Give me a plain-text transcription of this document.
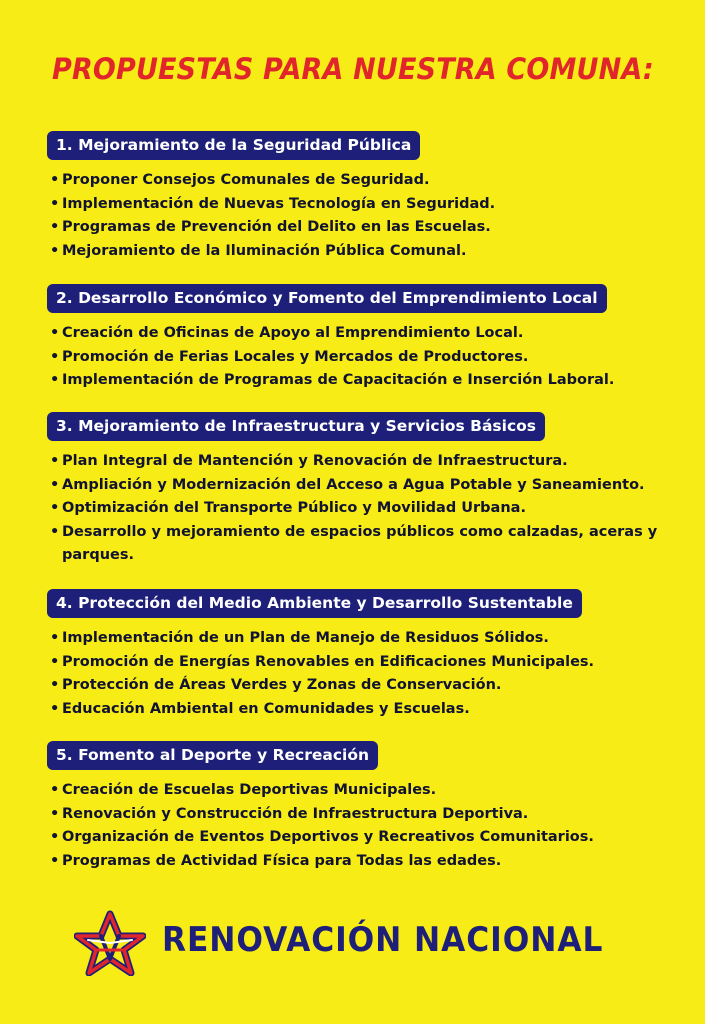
PROPUESTAS PARA NUESTRA COMUNA:
1. Mejoramiento de la Seguridad Pública
• Proponer Consejos Comunales de Seguridad.
• Implementación de Nuevas Tecnología en Seguridad.
• Programas de Prevención del Delito en las Escuelas.
• Mejoramiento de la Iluminación Pública Comunal.
2. Desarrollo Económico y Fomento del Emprendimiento Local
• Creación de Oficinas de Apoyo al Emprendimiento Local.
• Promoción de Ferias Locales y Mercados de Productores.
• Implementación de Programas de Capacitación e Inserción Laboral.
3. Mejoramiento de Infraestructura y Servicios Básicos
• Plan Integral de Mantención y Renovación de Infraestructura.
• Ampliación y Modernización del Acceso a Agua Potable y Saneamiento.
• Optimización del Transporte Público y Movilidad Urbana.
• Desarrollo y mejoramiento de espacios públicos como calzadas, aceras y parques.
4. Protección del Medio Ambiente y Desarrollo Sustentable
• Implementación de un Plan de Manejo de Residuos Sólidos.
• Promoción de Energías Renovables en Edificaciones Municipales.
• Protección de Áreas Verdes y Zonas de Conservación.
• Educación Ambiental en Comunidades y Escuelas.
5. Fomento al Deporte y Recreación
• Creación de Escuelas Deportivas Municipales.
• Renovación y Construcción de Infraestructura Deportiva.
• Organización de Eventos Deportivos y Recreativos Comunitarios.
• Programas de Actividad Física para Todas las edades.
RENOVACIÓN NACIONAL
